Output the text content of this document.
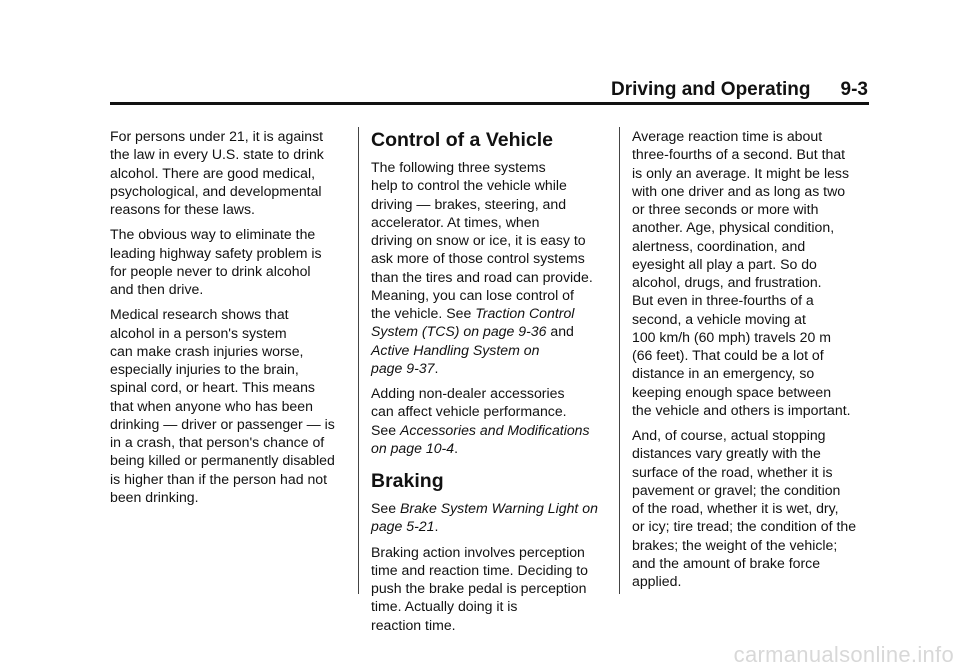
Driving and Operating 9-3

For persons under 21, it is against
the law in every U.S. state to drink
alcohol. There are good medical,
psychological, and developmental
reasons for these laws.

The obvious way to eliminate the
leading highway safety problem is
for people never to drink alcohol
and then drive.

Medical research shows that
alcohol in a person's system
can make crash injuries worse,
especially injuries to the brain,
spinal cord, or heart. This means
that when anyone who has been
drinking — driver or passenger — is
in a crash, that person's chance of
being killed or permanently disabled
is higher than if the person had not
been drinking.

Control of a Vehicle

The following three systems
help to control the vehicle while
driving — brakes, steering, and
accelerator. At times, when
driving on snow or ice, it is easy to
ask more of those control systems
than the tires and road can provide.
Meaning, you can lose control of
the vehicle. See Traction Control
System (TCS) on page 9-36 and
Active Handling System on
page 9-37.

Adding non-dealer accessories
can affect vehicle performance.
See Accessories and Modifications
on page 10-4.

Braking

See Brake System Warning Light on
page 5-21.

Braking action involves perception
time and reaction time. Deciding to
push the brake pedal is perception
time. Actually doing it is
reaction time.

Average reaction time is about
three-fourths of a second. But that
is only an average. It might be less
with one driver and as long as two
or three seconds or more with
another. Age, physical condition,
alertness, coordination, and
eyesight all play a part. So do
alcohol, drugs, and frustration.
But even in three-fourths of a
second, a vehicle moving at
100 km/h (60 mph) travels 20 m
(66 feet). That could be a lot of
distance in an emergency, so
keeping enough space between
the vehicle and others is important.

And, of course, actual stopping
distances vary greatly with the
surface of the road, whether it is
pavement or gravel; the condition
of the road, whether it is wet, dry,
or icy; tire tread; the condition of the
brakes; the weight of the vehicle;
and the amount of brake force
applied.

carmanualsonline.info
